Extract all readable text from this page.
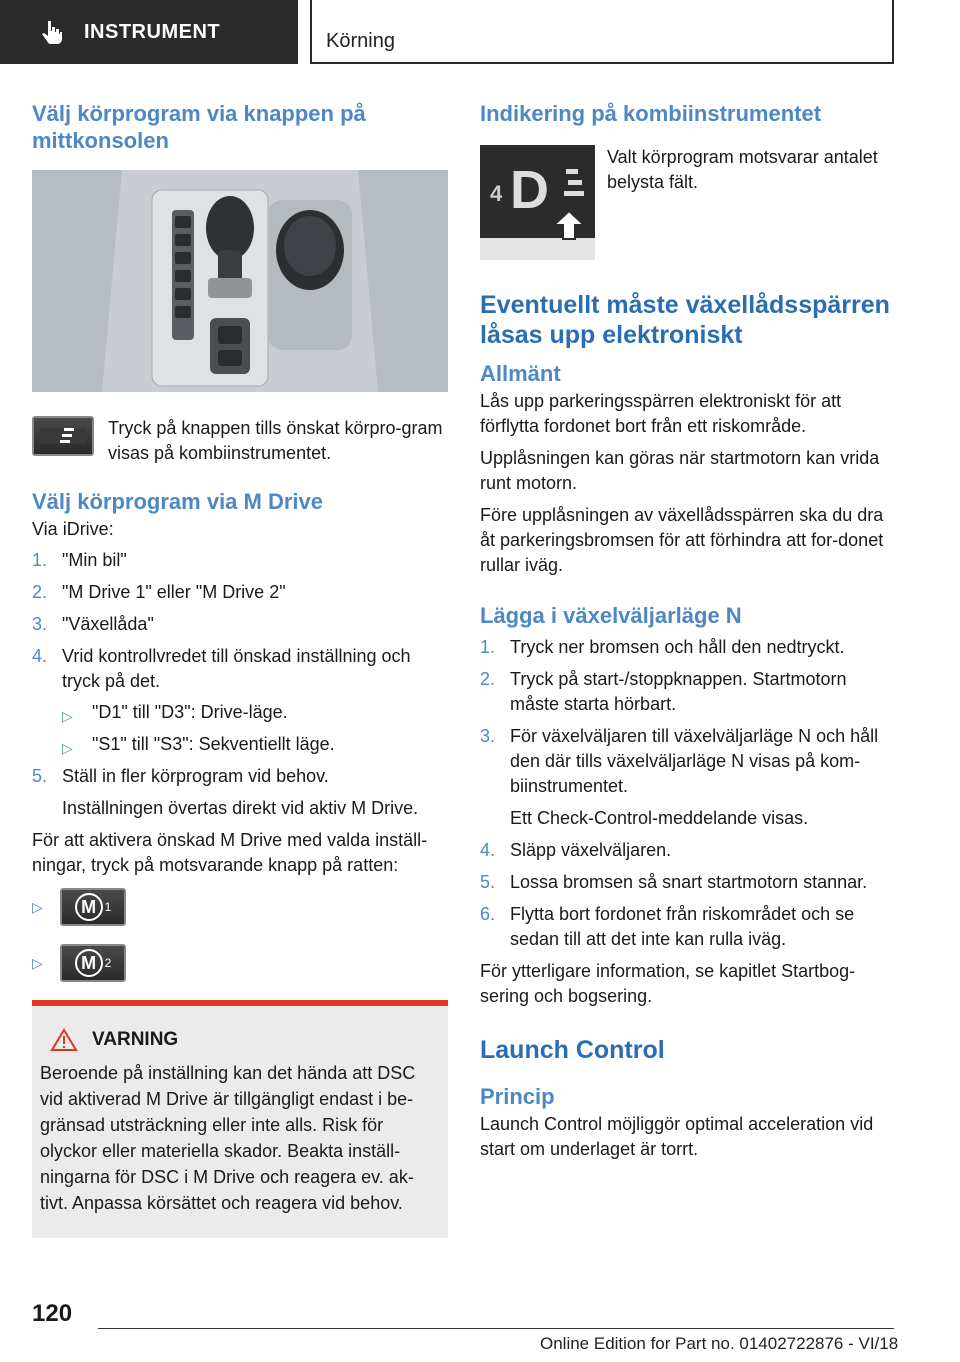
INSTRUMENT	Körning
Välj körprogram via knappen på mittkonsolen

Tryck på knappen tills önskat körpro-gram visas på kombiinstrumentet.

Välj körprogram via M Drive

Via iDrive:

1. "Min bil"
2. "M Drive 1" eller "M Drive 2"
3. "Växellåda"
4. Vrid kontrollvredet till önskad inställning och tryck på det.
▷ "D1" till "D3": Drive-läge.
▷ "S1" till "S3": Sekventiellt läge.
5. Ställ in fler körprogram vid behov.
Inställningen övertas direkt vid aktiv M Drive.

För att aktivera önskad M Drive med valda inställ-ningar, tryck på motsvarande knapp på ratten:

▷	M 1
▷	M 2
VARNING

Beroende på inställning kan det hända att DSC vid aktiverad M Drive är tillgängligt endast i be-gränsad utsträckning eller inte alls. Risk för olyckor eller materiella skador. Beakta inställ-ningarna för DSC i M Drive och reagera ev. ak-tivt. Anpassa körsättet och reagera vid behov.

Indikering på kombiinstrumentet
4 D

Valt körprogram motsvarar antalet belysta fält.

Eventuellt måste växellådsspärren låsas upp elektroniskt
Allmänt

Lås upp parkeringsspärren elektroniskt för att förflytta fordonet bort från ett riskområde.

Upplåsningen kan göras när startmotorn kan vrida runt motorn.

Före upplåsningen av växellådsspärren ska du dra åt parkeringsbromsen för att förhindra att for-donet rullar iväg.

Lägga i växelväljarläge N
1. Tryck ner bromsen och håll den nedtryckt.
2. Tryck på start-/stoppknappen. Startmotorn måste starta hörbart.
3. För växelväljaren till växelväljarläge N och håll den där tills växelväljarläge N visas på kom-biinstrumentet.
Ett Check-Control-meddelande visas.
4. Släpp växelväljaren.
5. Lossa bromsen så snart startmotorn stannar.
6. Flytta bort fordonet från riskområdet och se sedan till att det inte kan rulla iväg.

För ytterligare information, se kapitlet Startbog-sering och bogsering.

Launch Control
Princip

Launch Control möjliggör optimal acceleration vid start om underlaget är torrt.

120
Online Edition for Part no. 01402722876 - VI/18
